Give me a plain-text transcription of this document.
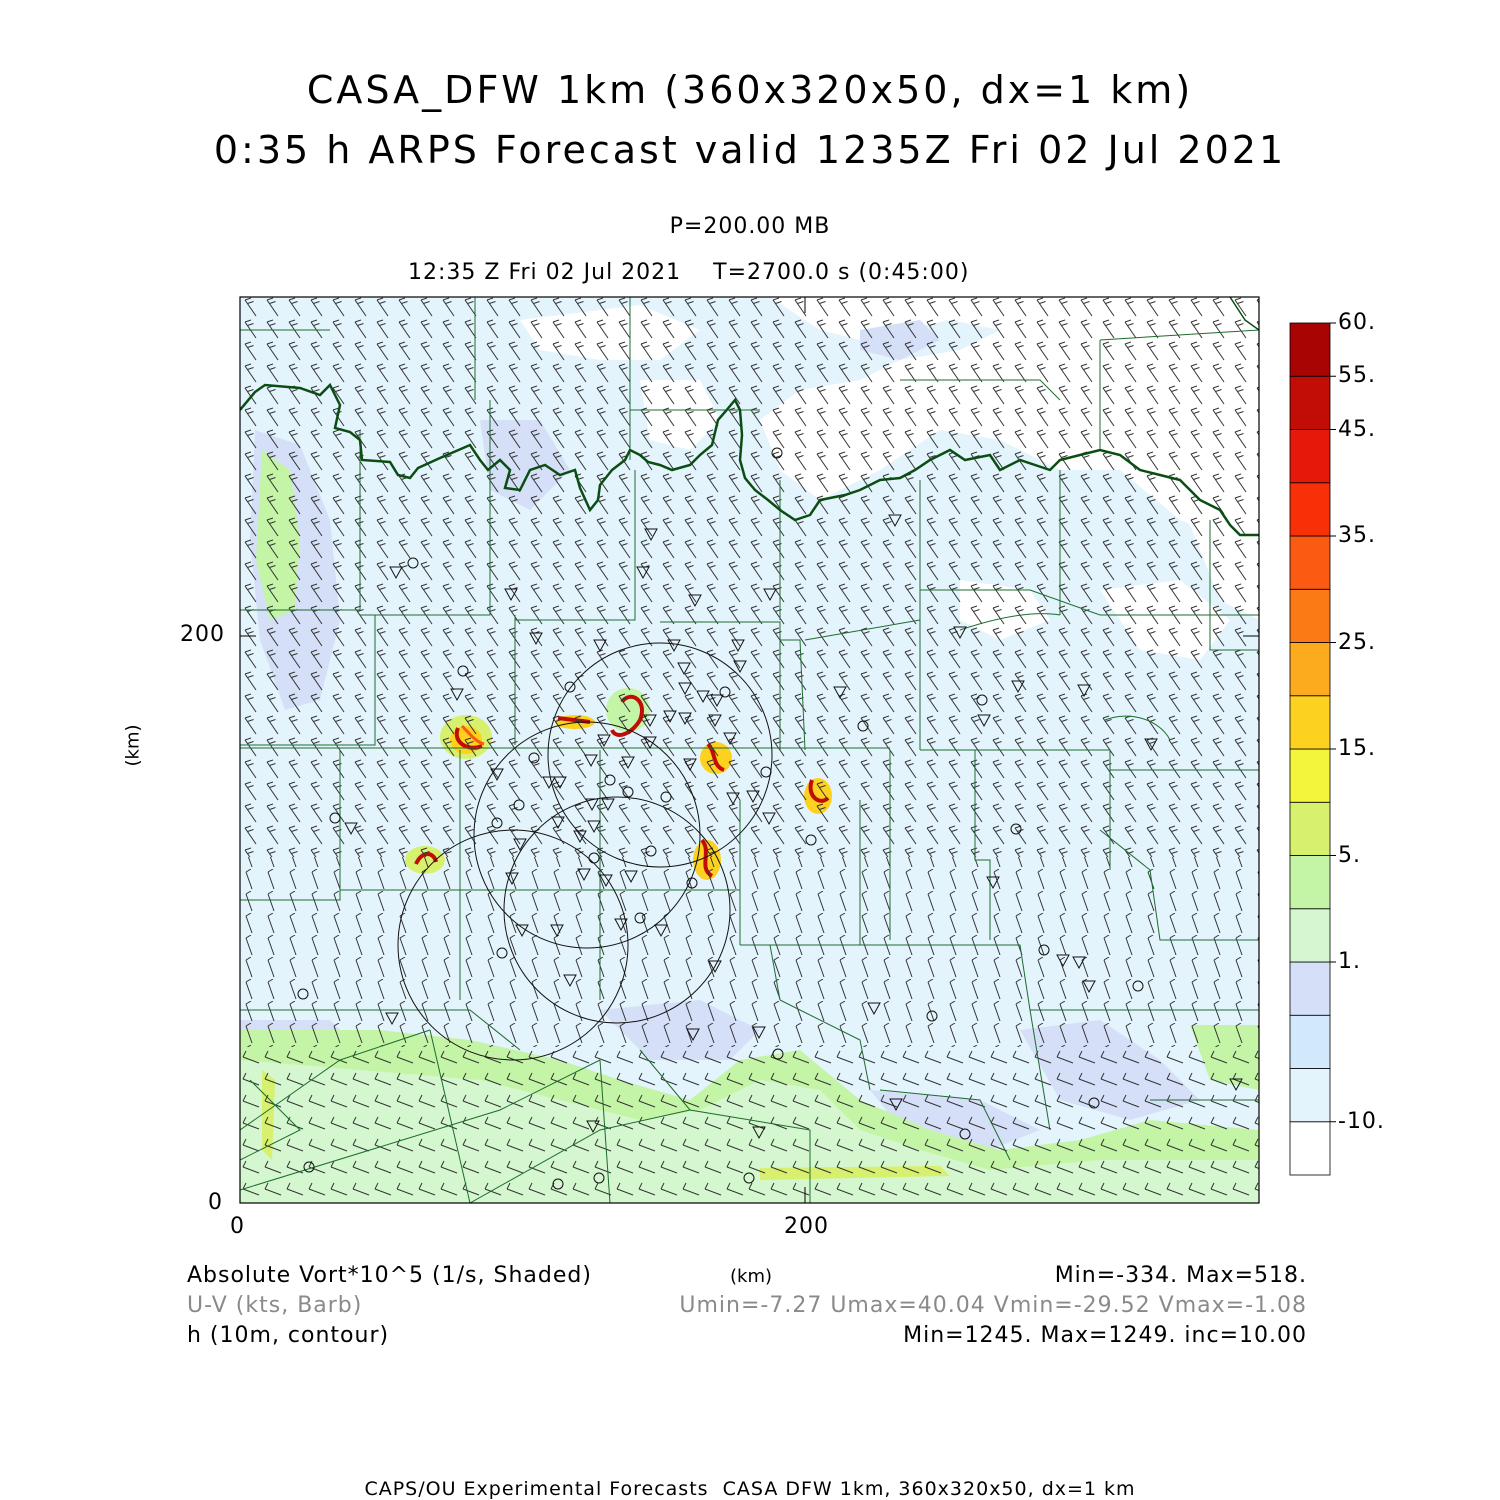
CASA_DFW 1km (360x320x50, dx=1 km)
0:35 h ARPS Forecast valid 1235Z Fri 02 Jul 2021
P=200.00 MB
12:35 Z Fri 02 Jul 2021    T=2700.0 s (0:45:00)
200
0
0	200
(km)
(km)
60.
55.
45.
35.
25.
15.
5.
1.
-10.
Absolute Vort*10^5 (1/s, Shaded)	Min=-334. Max=518.
U-V (kts, Barb)	Umin=-7.27 Umax=40.04 Vmin=-29.52 Vmax=-1.08
h (10m, contour)	Min=1245. Max=1249. inc=10.00
CAPS/OU Experimental Forecasts  CASA DFW 1km, 360x320x50, dx=1 km
